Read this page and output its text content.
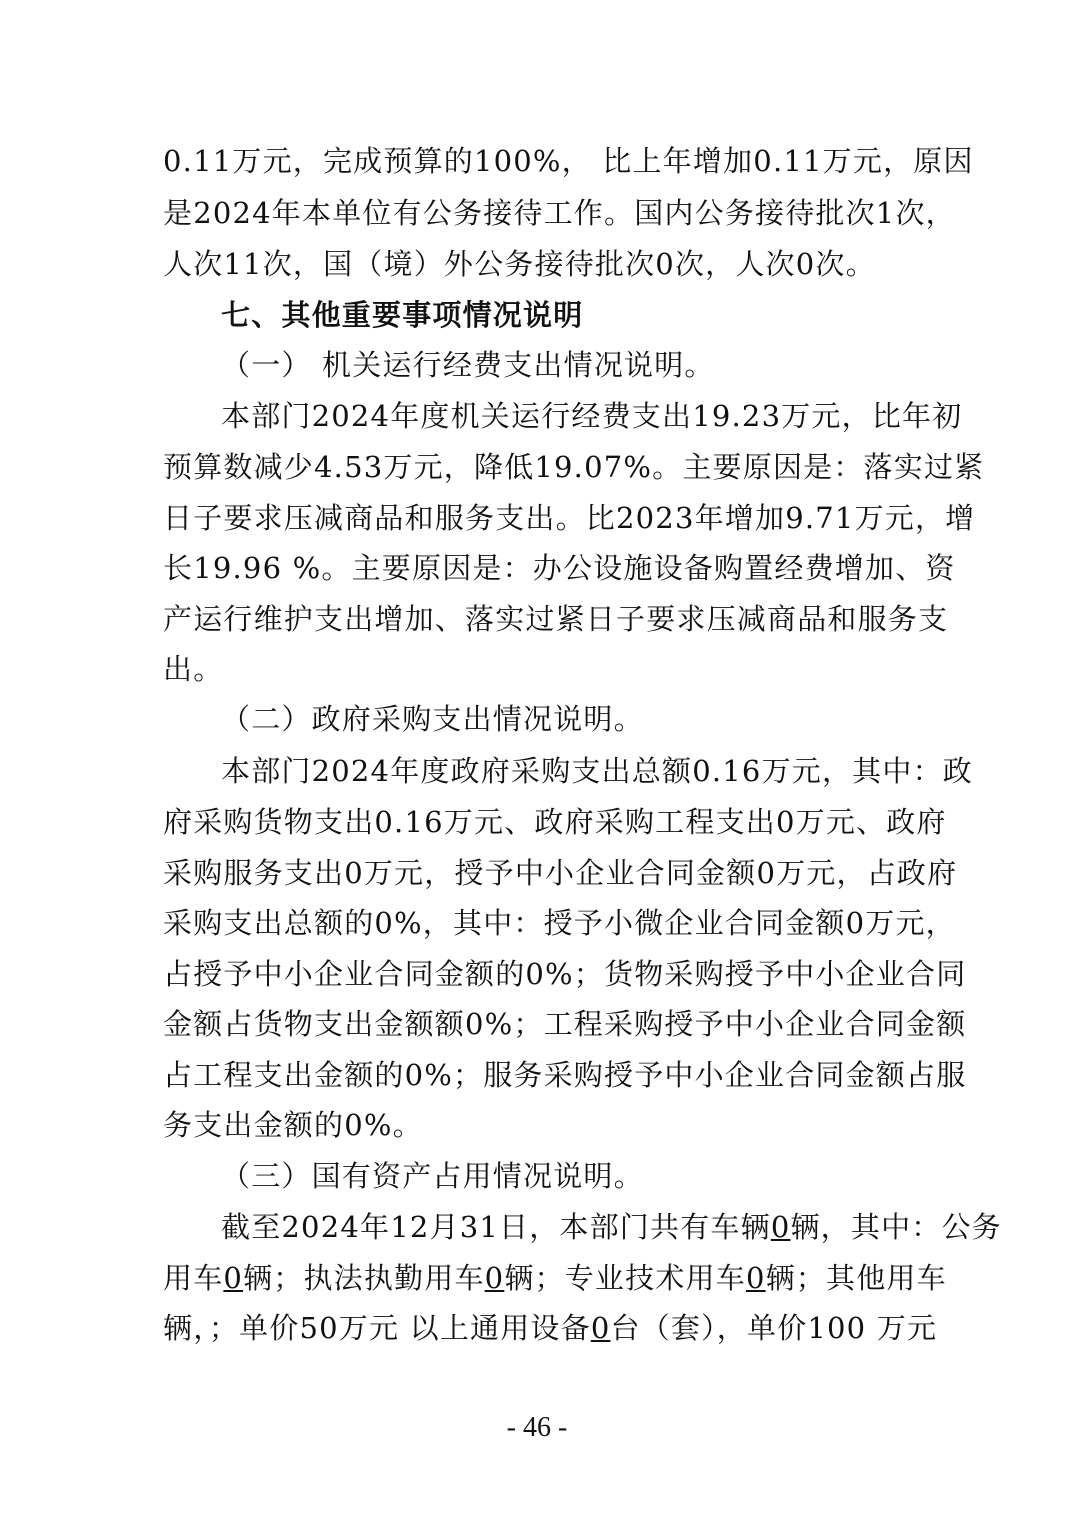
0.11万元，完成预算的100%， 比上年增加0.11万元，原因
是2024年本单位有公务接待工作。国内公务接待批次1次，
人次11次，国（境）外公务接待批次0次，人次0次。
七、其他重要事项情况说明
（一） 机关运行经费支出情况说明。
本部门2024年度机关运行经费支出19.23万元，比年初
预算数减少4.53万元，降低19.07%。主要原因是：落实过紧
日子要求压减商品和服务支出。比2023年增加9.71万元，增
长19.96 %。主要原因是：办公设施设备购置经费增加、资
产运行维护支出增加、落实过紧日子要求压减商品和服务支
出。
（二）政府采购支出情况说明。
本部门2024年度政府采购支出总额0.16万元，其中：政
府采购货物支出0.16万元、政府采购工程支出0万元、政府
采购服务支出0万元，授予中小企业合同金额0万元，占政府
采购支出总额的0%，其中：授予小微企业合同金额0万元，
占授予中小企业合同金额的0%；货物采购授予中小企业合同
金额占货物支出金额额0%；工程采购授予中小企业合同金额
占工程支出金额的0%；服务采购授予中小企业合同金额占服
务支出金额的0%。
（三）国有资产占用情况说明。
截至2024年12月31日，本部门共有车辆0辆，其中：公务
用车0辆；执法执勤用车0辆；专业技术用车0辆；其他用车
辆，；单价50万元 以上通用设备0台（套），单价100 万元
- 46 -
